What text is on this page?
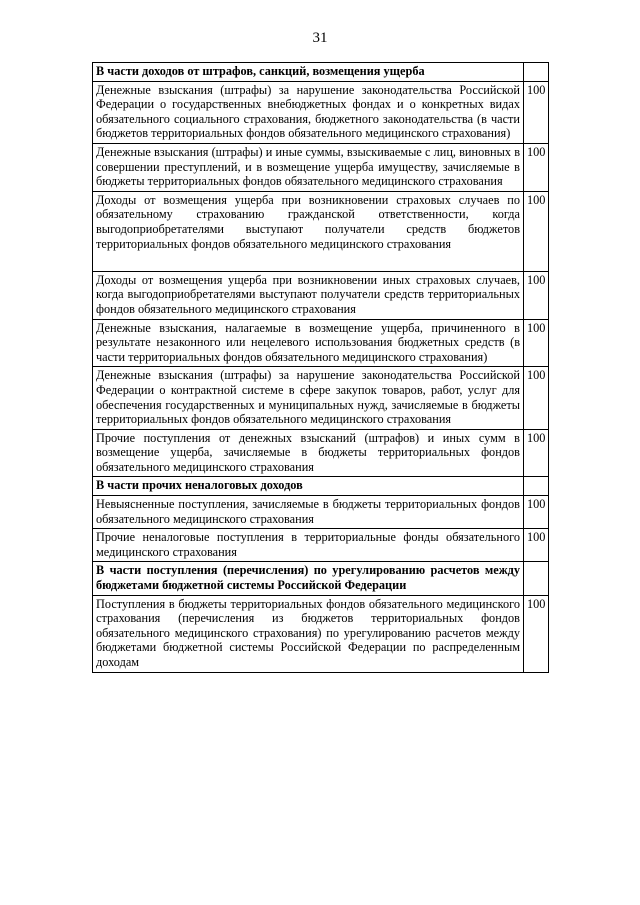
31
В части доходов от штрафов, санкций, возмещения ущерба	
Денежные взыскания (штрафы) за нарушение законодательства Российской Федерации о государственных внебюджетных фондах и о конкретных видах обязательного социального страхования, бюджетного законодательства (в части бюджетов территориальных фондов обязательного медицинского страхования)	100
Денежные взыскания (штрафы) и иные суммы, взыскиваемые с лиц, виновных в совершении преступлений, и в возмещение ущерба имуществу, зачисляемые в бюджеты территориальных фондов обязательного медицинского страхования	100
Доходы от возмещения ущерба при возникновении страховых случаев по обязательному страхованию гражданской ответственности, когда выгодоприобретателями выступают получатели средств бюджетов территориальных фондов обязательного медицинского страхования	100
Доходы от возмещения ущерба при возникновении иных страховых случаев, когда выгодоприобретателями выступают получатели средств территориальных фондов обязательного медицинского страхования	100
Денежные взыскания, налагаемые в возмещение ущерба, причиненного в результате незаконного или нецелевого использования бюджетных средств (в части территориальных фондов обязательного медицинского страхования)	100
Денежные взыскания (штрафы) за нарушение законодательства Российской Федерации о контрактной системе в сфере закупок товаров, работ, услуг для обеспечения государственных и муниципальных нужд, зачисляемые в бюджеты территориальных фондов обязательного медицинского страхования	100
Прочие поступления от денежных взысканий (штрафов) и иных сумм в возмещение ущерба, зачисляемые в бюджеты территориальных фондов обязательного медицинского страхования	100
В части прочих неналоговых доходов	
Невыясненные поступления, зачисляемые в бюджеты территориальных фондов обязательного медицинского страхования	100
Прочие неналоговые поступления в территориальные фонды обязательного медицинского страхования	100
В части поступления (перечисления) по урегулированию расчетов между бюджетами бюджетной системы Российской Федерации	
Поступления в бюджеты территориальных фондов обязательного медицинского страхования (перечисления из бюджетов территориальных фондов обязательного медицинского страхования) по урегулированию расчетов между бюджетами бюджетной системы Российской Федерации по распределенным доходам	100
